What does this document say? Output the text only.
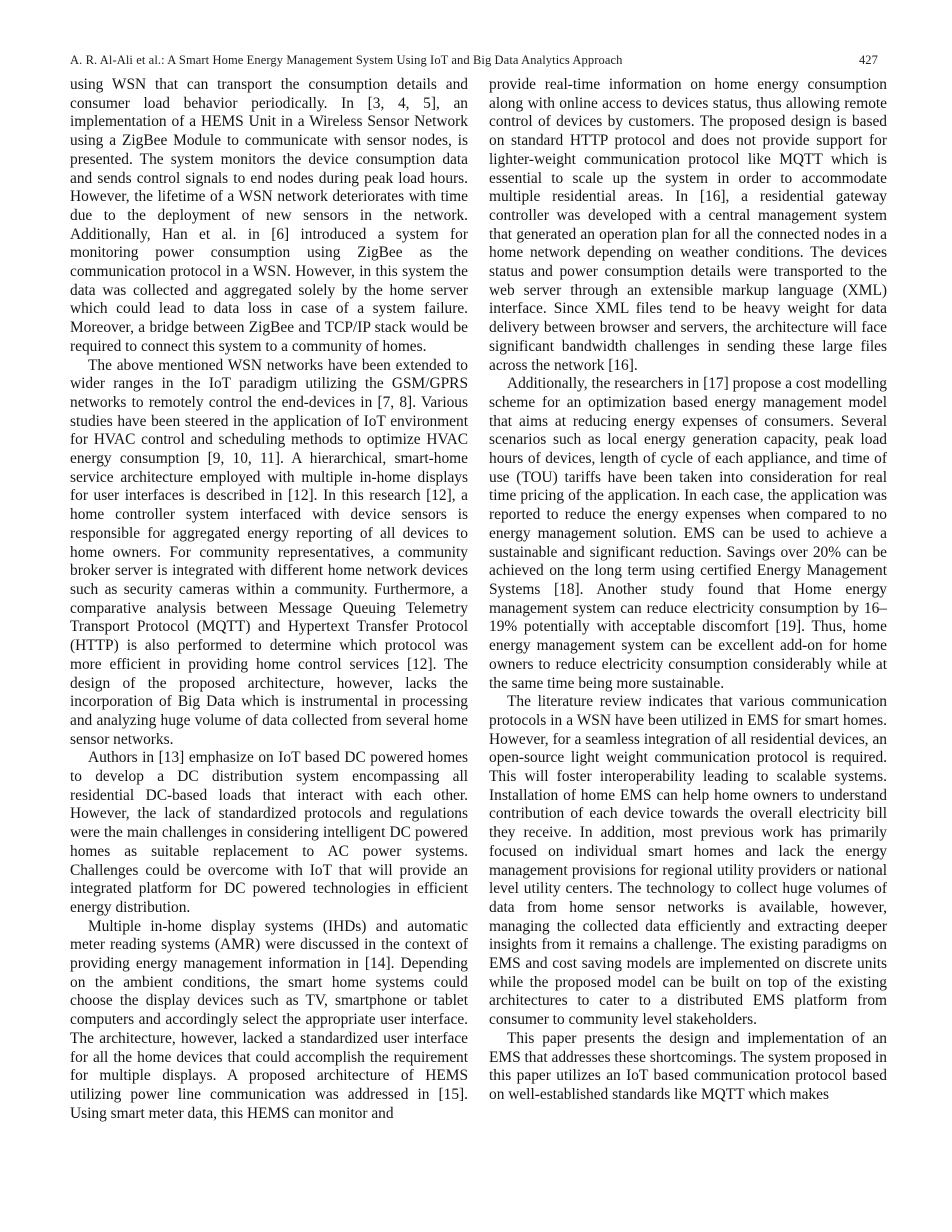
A. R. Al-Ali et al.: A Smart Home Energy Management System Using IoT and Big Data Analytics Approach	427

using WSN that can transport the consumption details and consumer load behavior periodically. In [3, 4, 5], an implementation of a HEMS Unit in a Wireless Sensor Network using a ZigBee Module to communicate with sensor nodes, is presented. The system monitors the device consumption data and sends control signals to end nodes during peak load hours. However, the lifetime of a WSN network deteriorates with time due to the deployment of new sensors in the network. Additionally, Han et al. in [6] introduced a system for monitoring power consumption using ZigBee as the communication protocol in a WSN. However, in this system the data was collected and aggregated solely by the home server which could lead to data loss in case of a system failure. Moreover, a bridge between ZigBee and TCP/IP stack would be required to connect this system to a community of homes.

The above mentioned WSN networks have been extended to wider ranges in the IoT paradigm utilizing the GSM/GPRS networks to remotely control the end-devices in [7, 8]. Various studies have been steered in the application of IoT environment for HVAC control and scheduling methods to optimize HVAC energy consumption [9, 10, 11]. A hierarchical, smart-home service architecture employed with multiple in-home displays for user interfaces is described in [12]. In this research [12], a home controller system interfaced with device sensors is responsible for aggregated energy reporting of all devices to home owners. For community representatives, a community broker server is integrated with different home network devices such as security cameras within a community. Furthermore, a comparative analysis between Message Queuing Telemetry Transport Protocol (MQTT) and Hypertext Transfer Protocol (HTTP) is also performed to determine which protocol was more efficient in providing home control services [12]. The design of the proposed architecture, however, lacks the incorporation of Big Data which is instrumental in processing and analyzing huge volume of data collected from several home sensor networks.

Authors in [13] emphasize on IoT based DC powered homes to develop a DC distribution system encompassing all residential DC-based loads that interact with each other. However, the lack of standardized protocols and regulations were the main challenges in considering intelligent DC powered homes as suitable replacement to AC power systems. Challenges could be overcome with IoT that will provide an integrated platform for DC powered technologies in efficient energy distribution.

Multiple in-home display systems (IHDs) and automatic meter reading systems (AMR) were discussed in the context of providing energy management information in [14]. Depending on the ambient conditions, the smart home systems could choose the display devices such as TV, smartphone or tablet computers and accordingly select the appropriate user interface. The architecture, however, lacked a standardized user interface for all the home devices that could accomplish the requirement for multiple displays. A proposed architecture of HEMS utilizing power line communication was addressed in [15]. Using smart meter data, this HEMS can monitor and

provide real-time information on home energy consumption along with online access to devices status, thus allowing remote control of devices by customers. The proposed design is based on standard HTTP protocol and does not provide support for lighter-weight communication protocol like MQTT which is essential to scale up the system in order to accommodate multiple residential areas. In [16], a residential gateway controller was developed with a central management system that generated an operation plan for all the connected nodes in a home network depending on weather conditions. The devices status and power consumption details were transported to the web server through an extensible markup language (XML) interface. Since XML files tend to be heavy weight for data delivery between browser and servers, the architecture will face significant bandwidth challenges in sending these large files across the network [16].

Additionally, the researchers in [17] propose a cost modelling scheme for an optimization based energy management model that aims at reducing energy expenses of consumers. Several scenarios such as local energy generation capacity, peak load hours of devices, length of cycle of each appliance, and time of use (TOU) tariffs have been taken into consideration for real time pricing of the application. In each case, the application was reported to reduce the energy expenses when compared to no energy management solution. EMS can be used to achieve a sustainable and significant reduction. Savings over 20% can be achieved on the long term using certified Energy Management Systems [18]. Another study found that Home energy management system can reduce electricity consumption by 16–19% potentially with acceptable discomfort [19]. Thus, home energy management system can be excellent add-on for home owners to reduce electricity consumption considerably while at the same time being more sustainable.

The literature review indicates that various communication protocols in a WSN have been utilized in EMS for smart homes. However, for a seamless integration of all residential devices, an open-source light weight communication protocol is required. This will foster interoperability leading to scalable systems. Installation of home EMS can help home owners to understand contribution of each device towards the overall electricity bill they receive. In addition, most previous work has primarily focused on individual smart homes and lack the energy management provisions for regional utility providers or national level utility centers. The technology to collect huge volumes of data from home sensor networks is available, however, managing the collected data efficiently and extracting deeper insights from it remains a challenge. The existing paradigms on EMS and cost saving models are implemented on discrete units while the proposed model can be built on top of the existing architectures to cater to a distributed EMS platform from consumer to community level stakeholders.

This paper presents the design and implementation of an EMS that addresses these shortcomings. The system proposed in this paper utilizes an IoT based communication protocol based on well-established standards like MQTT which makes
